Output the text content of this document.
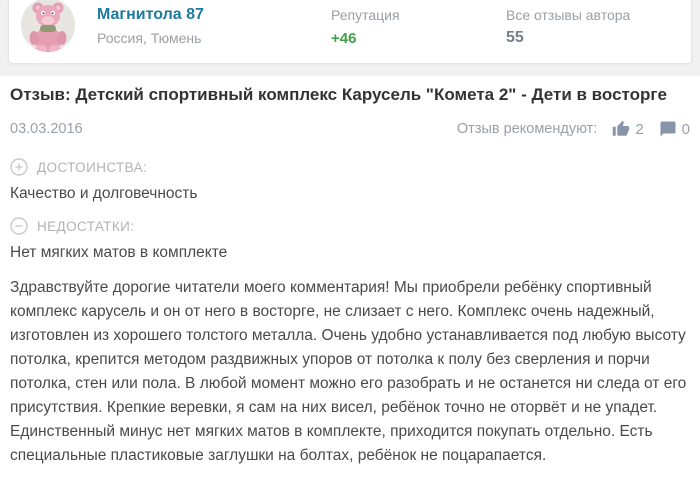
Магнитола 87
Россия, Тюмень
Репутация
+46
Все отзывы автора
55
Отзыв: Детский спортивный комплекс Карусель "Комета 2" - Дети в восторге
03.03.2016	Отзыв рекомендуют:	2	0
ДОСТОИНСТВА:
Качество и долговечность
НЕДОСТАТКИ:
Нет мягких матов в комплекте

Здравствуйте дорогие читатели моего комментария! Мы приобрели ребёнку спортивный комплекс карусель и он от него в восторге, не слизает с него. Комплекс очень надежный, изготовлен из хорошего толстого металла. Очень удобно устанавливается под любую высоту потолка, крепится методом раздвижных упоров от потолка к полу без сверления и порчи потолка, стен или пола. В любой момент можно его разобрать и не останется ни следа от его присутствия. Крепкие веревки, я сам на них висел, ребёнок точно не оторвёт и не упадет. Единственный минус нет мягких матов в комплекте, приходится покупать отдельно. Есть специальные пластиковые заглушки на болтах, ребёнок не поцарапается.
